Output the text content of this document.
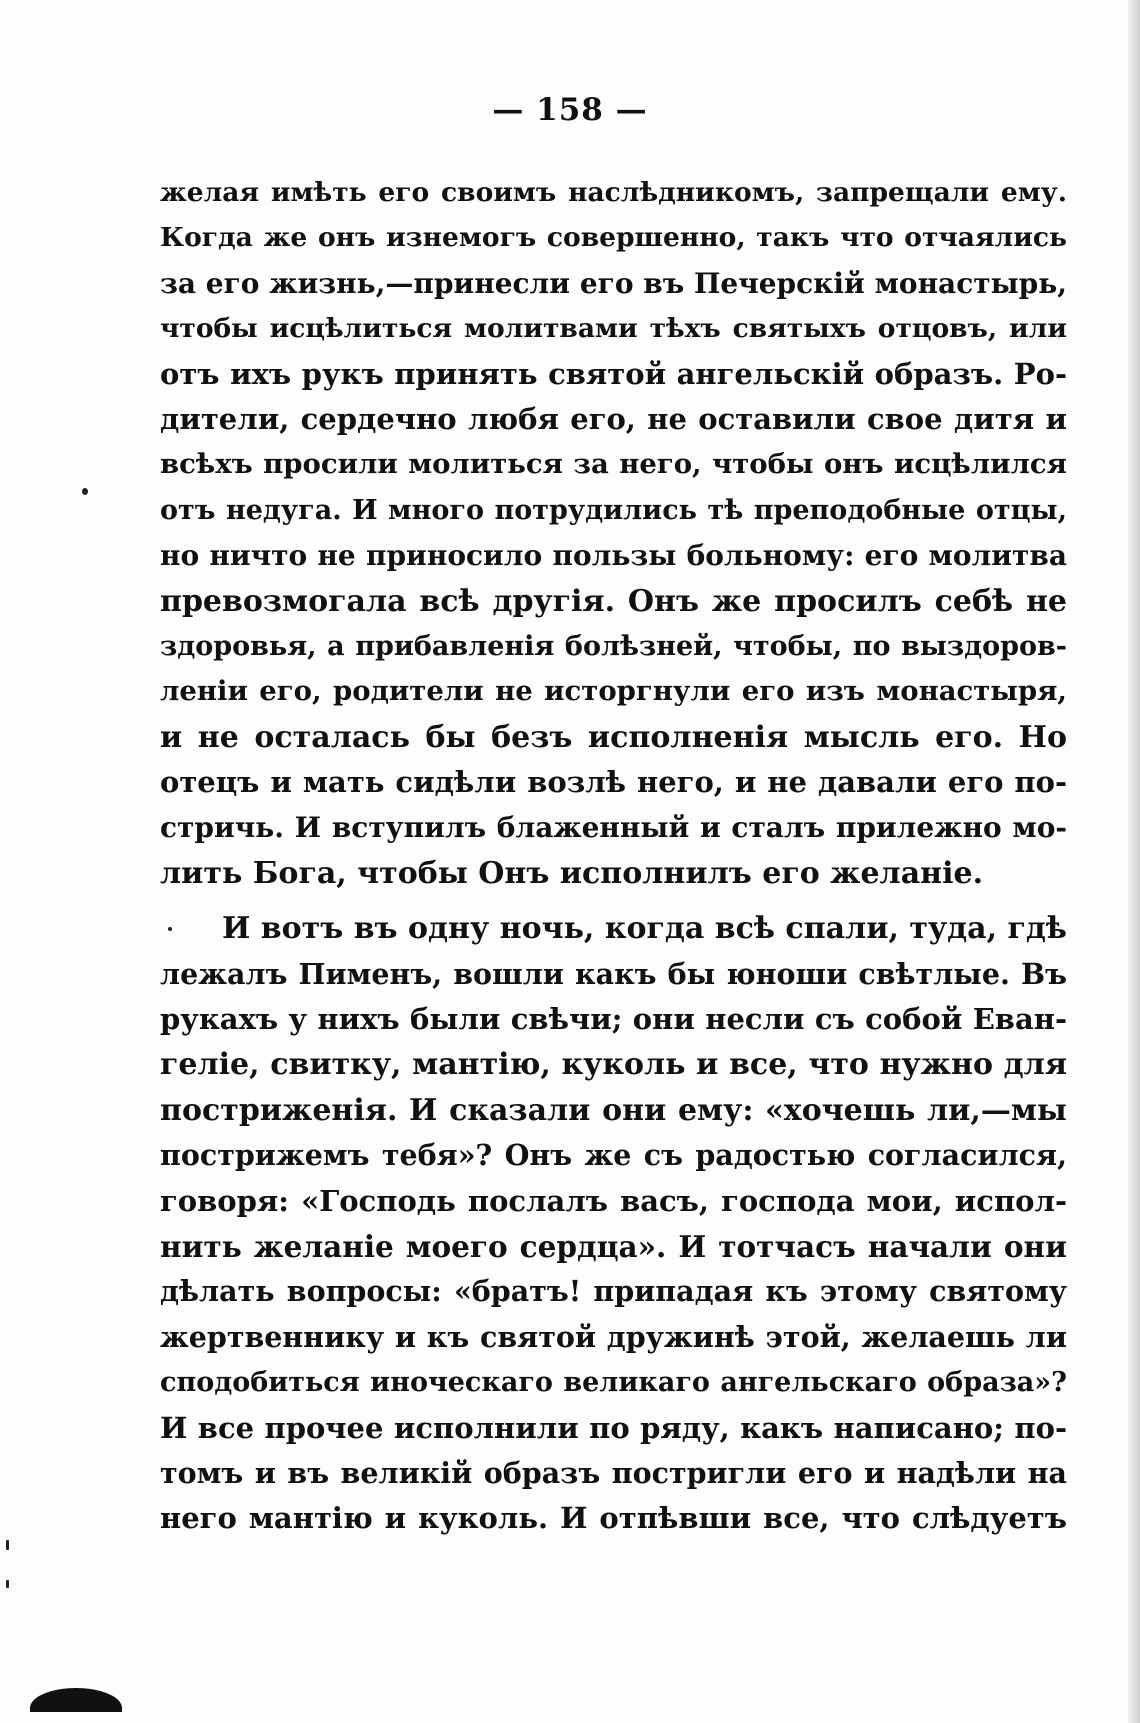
— 158 —
желая имѣть его своимъ наслѣдникомъ, запрещали ему.
Когда же онъ изнемогъ совершенно, такъ что отчаялись
за его жизнь,—принесли его въ Печерскій монастырь,
чтобы исцѣлиться молитвами тѣхъ святыхъ отцовъ, или
отъ ихъ рукъ принять святой ангельскій образъ. Ро-
дители, сердечно любя его, не оставили свое дитя и
всѣхъ просили молиться за него, чтобы онъ исцѣлился
отъ недуга. И много потрудились тѣ преподобные отцы,
но ничто не приносило пользы больному: его молитва
превозмогала всѣ другія. Онъ же просилъ себѣ не
здоровья, а прибавленія болѣзней, чтобы, по выздоров-
леніи его, родители не исторгнули его изъ монастыря,
и не осталась бы безъ исполненія мысль его. Но
отецъ и мать сидѣли возлѣ него, и не давали его по-
стричь. И вступилъ блаженный и сталъ прилежно мо-
лить Бога, чтобы Онъ исполнилъ его желаніе.
И вотъ въ одну ночь, когда всѣ спали, туда, гдѣ
лежалъ Пименъ, вошли какъ бы юноши свѣтлые. Въ
рукахъ у нихъ были свѣчи; они несли съ собой Еван-
геліе, свитку, мантію, куколь и все, что нужно для
постриженія. И сказали они ему: «хочешь ли,—мы
пострижемъ тебя»? Онъ же съ радостью согласился,
говоря: «Господь послалъ васъ, господа мои, испол-
нить желаніе моего сердца». И тотчасъ начали они
дѣлать вопросы: «братъ! припадая къ этому святому
жертвеннику и къ святой дружинѣ этой, желаешь ли
сподобиться иноческаго великаго ангельскаго образа»?
И все прочее исполнили по ряду, какъ написано; по-
томъ и въ великій образъ постригли его и надѣли на
него мантію и куколь. И отпѣвши все, что слѣдуетъ
